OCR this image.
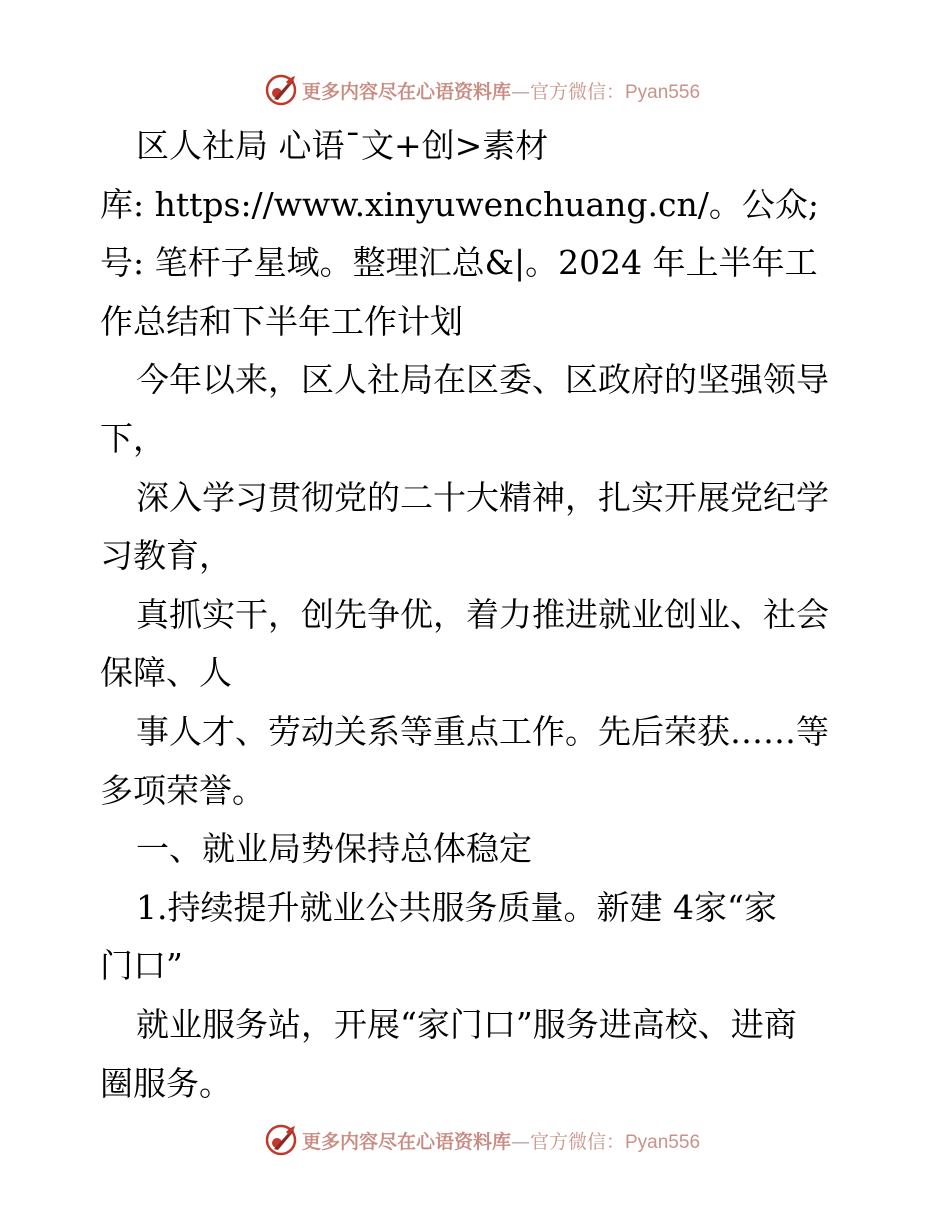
更多内容尽在心语资料库—官方微信：Pyan556
区人社局 心语¯文+创>素材
库: https://www.xinyuwenchuang.cn/。公众;
号: 笔杆子星域。整理汇总&|。2024 年上半年工
作总结和下半年工作计划
今年以来，区人社局在区委、区政府的坚强领导
下，
深入学习贯彻党的二十大精神，扎实开展党纪学
习教育，
真抓实干，创先争优，着力推进就业创业、社会
保障、人
事人才、劳动关系等重点工作。先后荣获……等
多项荣誉。
一、就业局势保持总体稳定
1.持续提升就业公共服务质量。新建 4家“家
门口”
就业服务站，开展“家门口”服务进高校、进商
圈服务。
更多内容尽在心语资料库—官方微信：Pyan556
